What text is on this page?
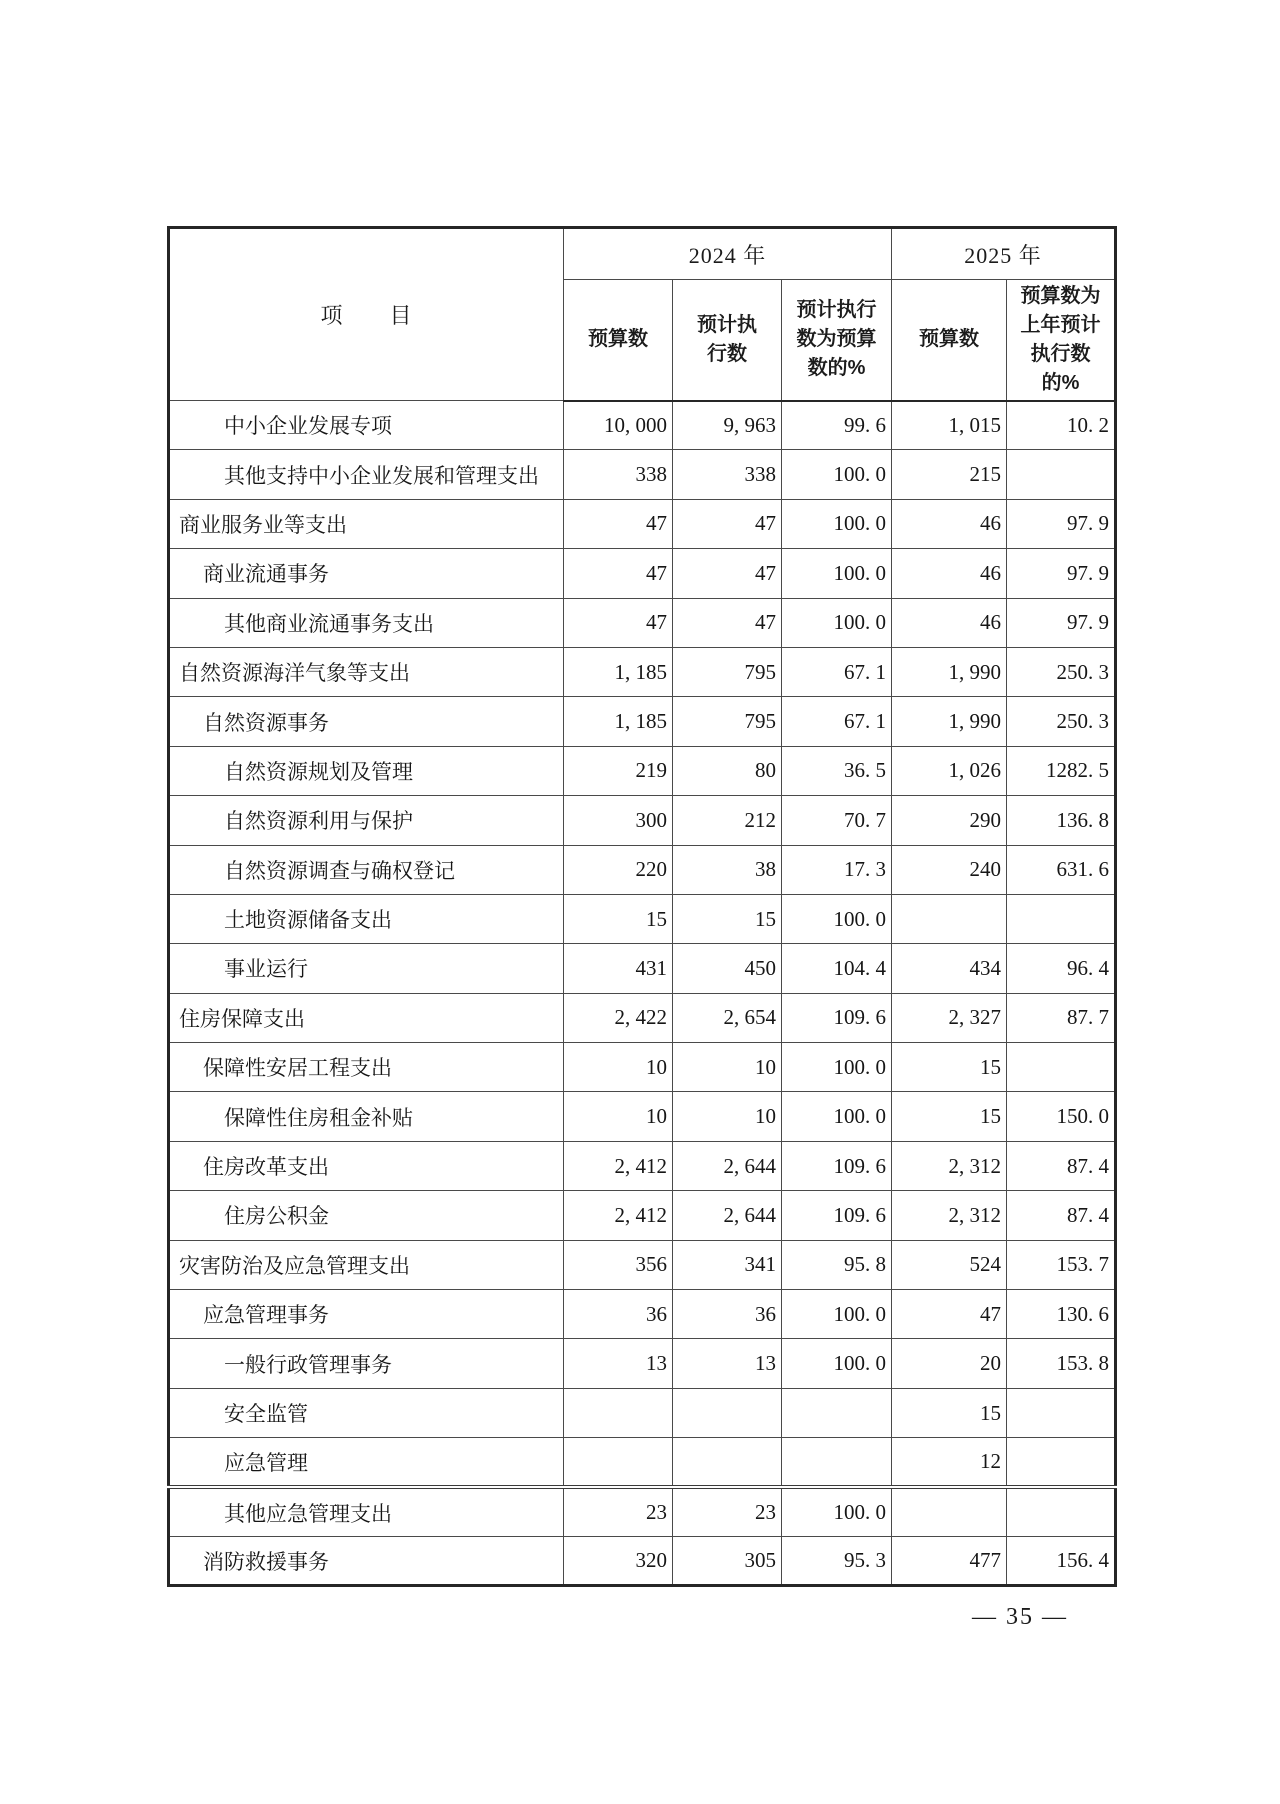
项　　目	2024 年			2025 年	
	预算数	预计执行数	预计执行数为预算数的%	预算数	预算数为上年预计执行数的%
中小企业发展专项	10, 000	9, 963	99. 6	1, 015	10. 2
其他支持中小企业发展和管理支出	338	338	100. 0	215	
商业服务业等支出	47	47	100. 0	46	97. 9
商业流通事务	47	47	100. 0	46	97. 9
其他商业流通事务支出	47	47	100. 0	46	97. 9
自然资源海洋气象等支出	1, 185	795	67. 1	1, 990	250. 3
自然资源事务	1, 185	795	67. 1	1, 990	250. 3
自然资源规划及管理	219	80	36. 5	1, 026	1282. 5
自然资源利用与保护	300	212	70. 7	290	136. 8
自然资源调查与确权登记	220	38	17. 3	240	631. 6
土地资源储备支出	15	15	100. 0		
事业运行	431	450	104. 4	434	96. 4
住房保障支出	2, 422	2, 654	109. 6	2, 327	87. 7
保障性安居工程支出	10	10	100. 0	15	
保障性住房租金补贴	10	10	100. 0	15	150. 0
住房改革支出	2, 412	2, 644	109. 6	2, 312	87. 4
住房公积金	2, 412	2, 644	109. 6	2, 312	87. 4
灾害防治及应急管理支出	356	341	95. 8	524	153. 7
应急管理事务	36	36	100. 0	47	130. 6
一般行政管理事务	13	13	100. 0	20	153. 8
安全监管				15	
应急管理				12	
其他应急管理支出	23	23	100. 0		
消防救援事务	320	305	95. 3	477	156. 4
— 35 —
